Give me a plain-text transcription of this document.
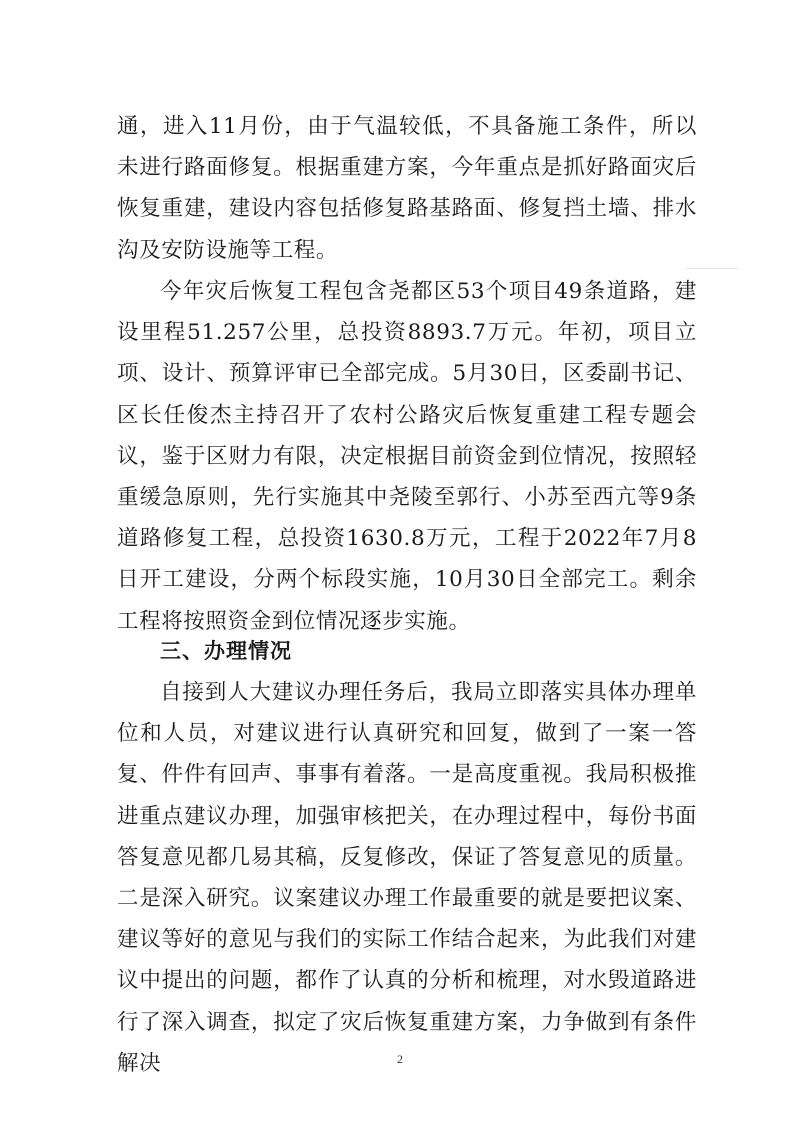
通，进入11月份，由于气温较低，不具备施工条件，所以未进行路面修复。根据重建方案，今年重点是抓好路面灾后恢复重建，建设内容包括修复路基路面、修复挡土墙、排水沟及安防设施等工程。

今年灾后恢复工程包含尧都区53个项目49条道路，建设里程51.257公里，总投资8893.7万元。年初，项目立项、设计、预算评审已全部完成。5月30日，区委副书记、区长任俊杰主持召开了农村公路灾后恢复重建工程专题会议，鉴于区财力有限，决定根据目前资金到位情况，按照轻重缓急原则，先行实施其中尧陵至郭行、小苏至西亢等9条道路修复工程，总投资1630.8万元，工程于2022年7月8日开工建设，分两个标段实施，10月30日全部完工。剩余工程将按照资金到位情况逐步实施。

三、办理情况

自接到人大建议办理任务后，我局立即落实具体办理单位和人员，对建议进行认真研究和回复，做到了一案一答复、件件有回声、事事有着落。一是高度重视。我局积极推进重点建议办理，加强审核把关，在办理过程中，每份书面答复意见都几易其稿，反复修改，保证了答复意见的质量。二是深入研究。议案建议办理工作最重要的就是要把议案、建议等好的意见与我们的实际工作结合起来，为此我们对建议中提出的问题，都作了认真的分析和梳理，对水毁道路进行了深入调查，拟定了灾后恢复重建方案，力争做到有条件解决	2
